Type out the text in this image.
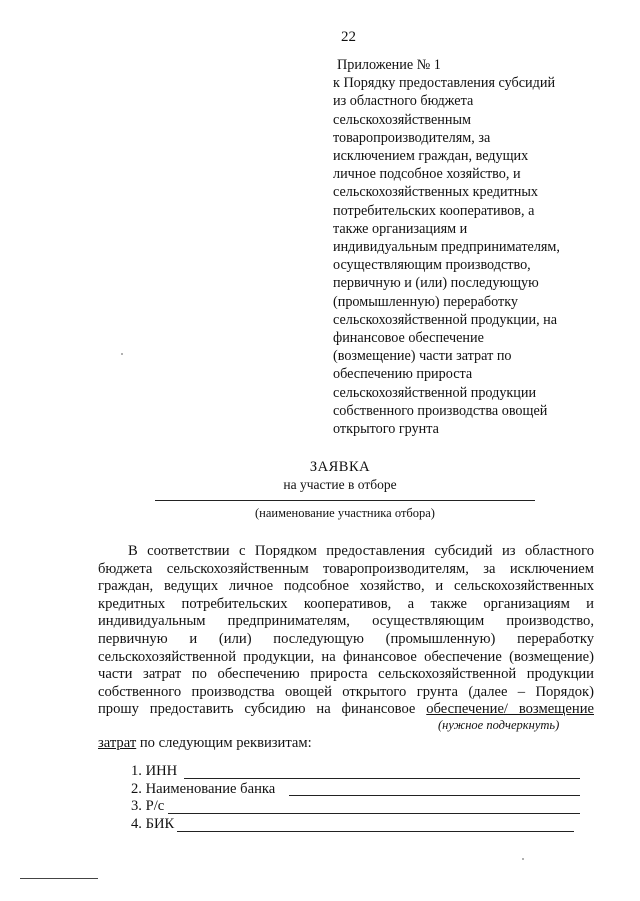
22
Приложение № 1
к Порядку предоставления субсидий
из областного бюджета
сельскохозяйственным
товаропроизводителям, за
исключением граждан, ведущих
личное подсобное хозяйство, и
сельскохозяйственных кредитных
потребительских кооперативов, а
также организациям и
индивидуальным предпринимателям,
осуществляющим производство,
первичную и (или) последующую
(промышленную) переработку
сельскохозяйственной продукции, на
финансовое обеспечение
(возмещение) части затрат по
обеспечению прироста
сельскохозяйственной продукции
собственного производства овощей
открытого грунта
ЗАЯВКА
на участие в отборе
(наименование участника отбора)
В соответствии с Порядком предоставления субсидий из областного
бюджета сельскохозяйственным товаропроизводителям, за исключением
граждан, ведущих личное подсобное хозяйство, и сельскохозяйственных
кредитных потребительских кооперативов, а также организациям и
индивидуальным предпринимателям, осуществляющим производство,
первичную и (или) последующую (промышленную) переработку
сельскохозяйственной продукции, на финансовое обеспечение (возмещение)
части затрат по обеспечению прироста сельскохозяйственной продукции
собственного производства овощей открытого грунта (далее – Порядок)
прошу предоставить субсидию на финансовое обеспечение/ возмещение
(нужное подчеркнуть)
затрат по следующим реквизитам:
1. ИНН
2. Наименование банка
3. Р/с
4. БИК
